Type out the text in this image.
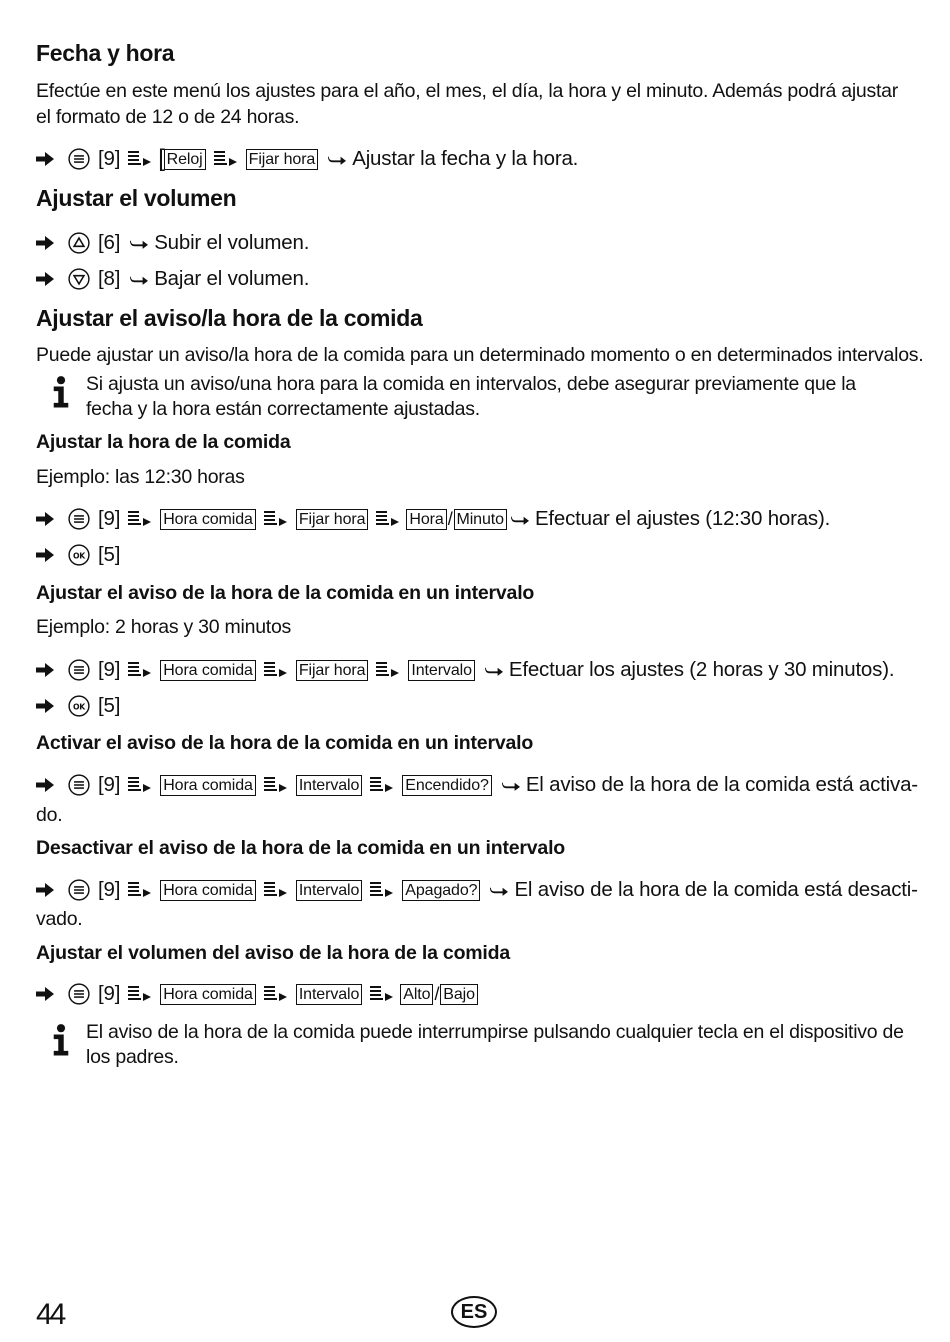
Fecha y hora
Efectúe en este menú los ajustes para el año, el mes, el día, la hora y el minuto. Además podrá ajustar el formato de 12 o de 24 horas.
[9] [ Reloj	Fijar hora Ajustar la fecha y la hora.
Ajustar el volumen
[6] Subir el volumen.
[8] Bajar el volumen.
Ajustar el aviso/la hora de la comida
Puede ajustar un aviso/la hora de la comida para un determinado momento o en determinados intervalos.
Si ajusta un aviso/una hora para la comida en intervalos, debe asegurar previamente que la fecha y la hora están correctamente ajustadas.
Ajustar la hora de la comida
Ejemplo: las 12:30 horas
[9]	Hora comida	Fijar hora	Hora / Minuto Efectuar el ajustes (12:30 horas).
[5]
Ajustar el aviso de la hora de la comida en un intervalo
Ejemplo: 2 horas y 30 minutos
[9]	Hora comida	Fijar hora	Intervalo Efectuar los ajustes (2 horas y 30 minutos).
[5]
Activar el aviso de la hora de la comida en un intervalo
[9]	Hora comida	Intervalo	Encendido? El aviso de la hora de la comida está activa-
do.
Desactivar el aviso de la hora de la comida en un intervalo
[9]	Hora comida	Intervalo	Apagado? El aviso de la hora de la comida está desacti-
vado.
Ajustar el volumen del aviso de la hora de la comida
[9]	Hora comida	Intervalo	Alto / Bajo
El aviso de la hora de la comida puede interrumpirse pulsando cualquier tecla en el dispositivo de los padres.
44	ES
